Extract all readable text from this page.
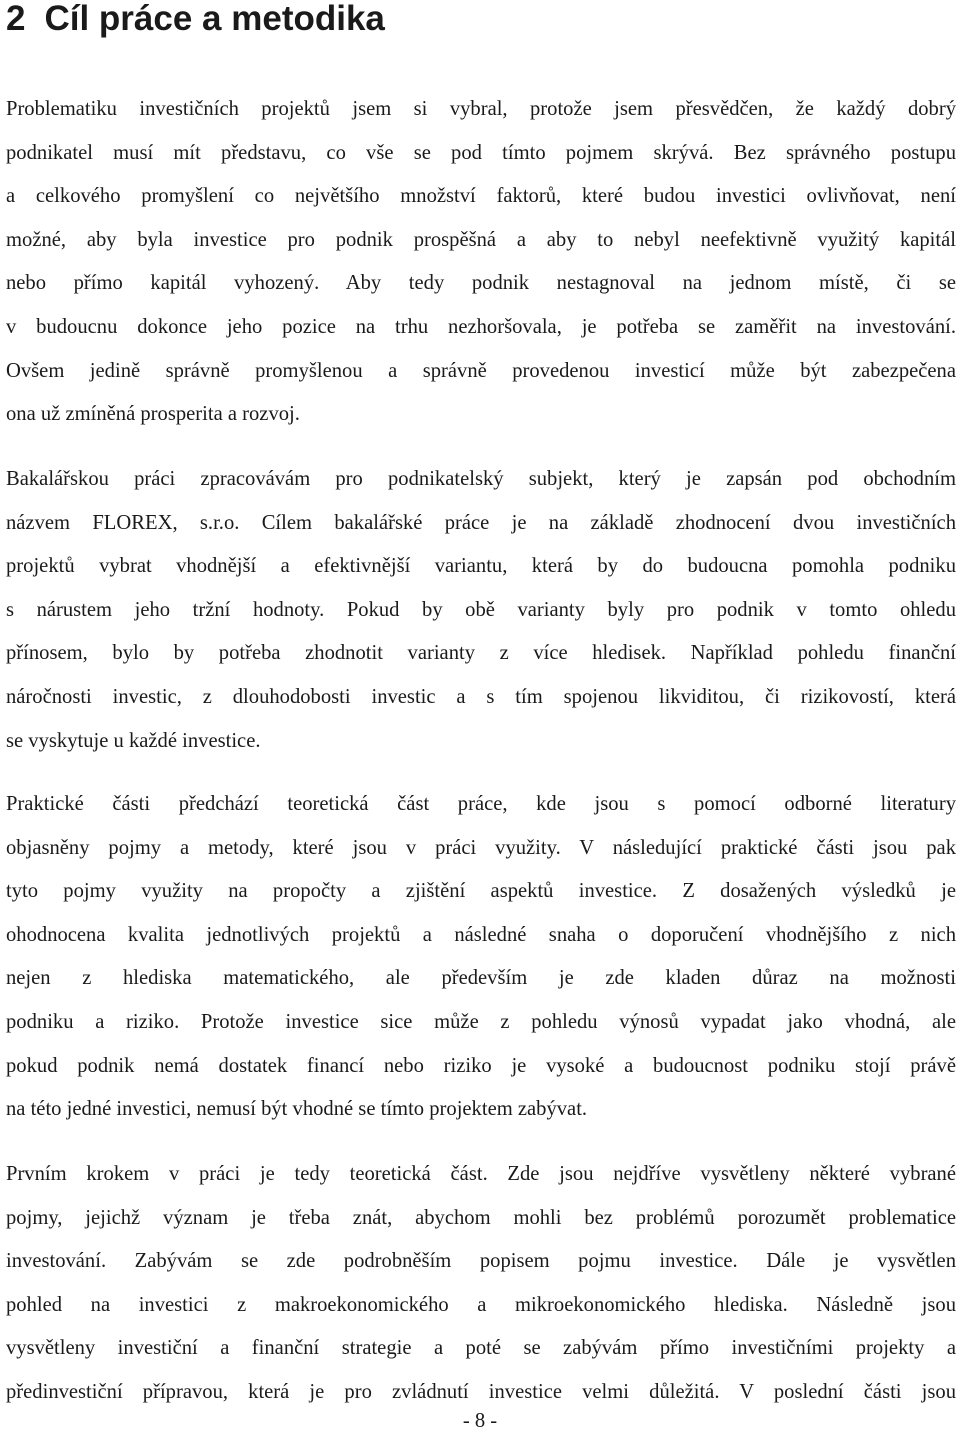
2 Cíl práce a metodika
Problematiku investičních projektů jsem si vybral, protože jsem přesvědčen, že každý dobrý
podnikatel musí mít představu, co vše se pod tímto pojmem skrývá. Bez správného postupu
a celkového promyšlení co největšího množství faktorů, které budou investici ovlivňovat, není
možné, aby byla investice pro podnik prospěšná a aby to nebyl neefektivně využitý kapitál
nebo přímo kapitál vyhozený. Aby tedy podnik nestagnoval na jednom místě, či se
v budoucnu dokonce jeho pozice na trhu nezhoršovala, je potřeba se zaměřit na investování.
Ovšem jedině správně promyšlenou a správně provedenou investicí může být zabezpečena
ona už zmíněná prosperita a rozvoj.
Bakalářskou práci zpracovávám pro podnikatelský subjekt, který je zapsán pod obchodním
názvem FLOREX, s.r.o. Cílem bakalářské práce je na základě zhodnocení dvou investičních
projektů vybrat vhodnější a efektivnější variantu, která by do budoucna pomohla podniku
s nárustem jeho tržní hodnoty. Pokud by obě varianty byly pro podnik v tomto ohledu
přínosem, bylo by potřeba zhodnotit varianty z více hledisek. Například pohledu finanční
náročnosti investic, z dlouhodobosti investic a s tím spojenou likviditou, či rizikovostí, která
se vyskytuje u každé investice.
Praktické části předchází teoretická část práce, kde jsou s pomocí odborné literatury
objasněny pojmy a metody, které jsou v práci využity. V následující praktické části jsou pak
tyto pojmy využity na propočty a zjištění aspektů investice. Z dosažených výsledků je
ohodnocena kvalita jednotlivých projektů a následné snaha o doporučení vhodnějšího z nich
nejen z hlediska matematického, ale především je zde kladen důraz na možnosti
podniku a riziko. Protože investice sice může z pohledu výnosů vypadat jako vhodná, ale
pokud podnik nemá dostatek financí nebo riziko je vysoké a budoucnost podniku stojí právě
na této jedné investici, nemusí být vhodné se tímto projektem zabývat.
Prvním krokem v práci je tedy teoretická část. Zde jsou nejdříve vysvětleny některé vybrané
pojmy, jejichž význam je třeba znát, abychom mohli bez problémů porozumět problematice
investování. Zabývám se zde podrobněším popisem pojmu investice. Dále je vysvětlen
pohled na investici z makroekonomického a mikroekonomického hlediska. Následně jsou
vysvětleny investiční a finanční strategie a poté se zabývám přímo investičními projekty a
předinvestiční přípravou, která je pro zvládnutí investice velmi důležitá. V poslední části jsou
- 8 -
